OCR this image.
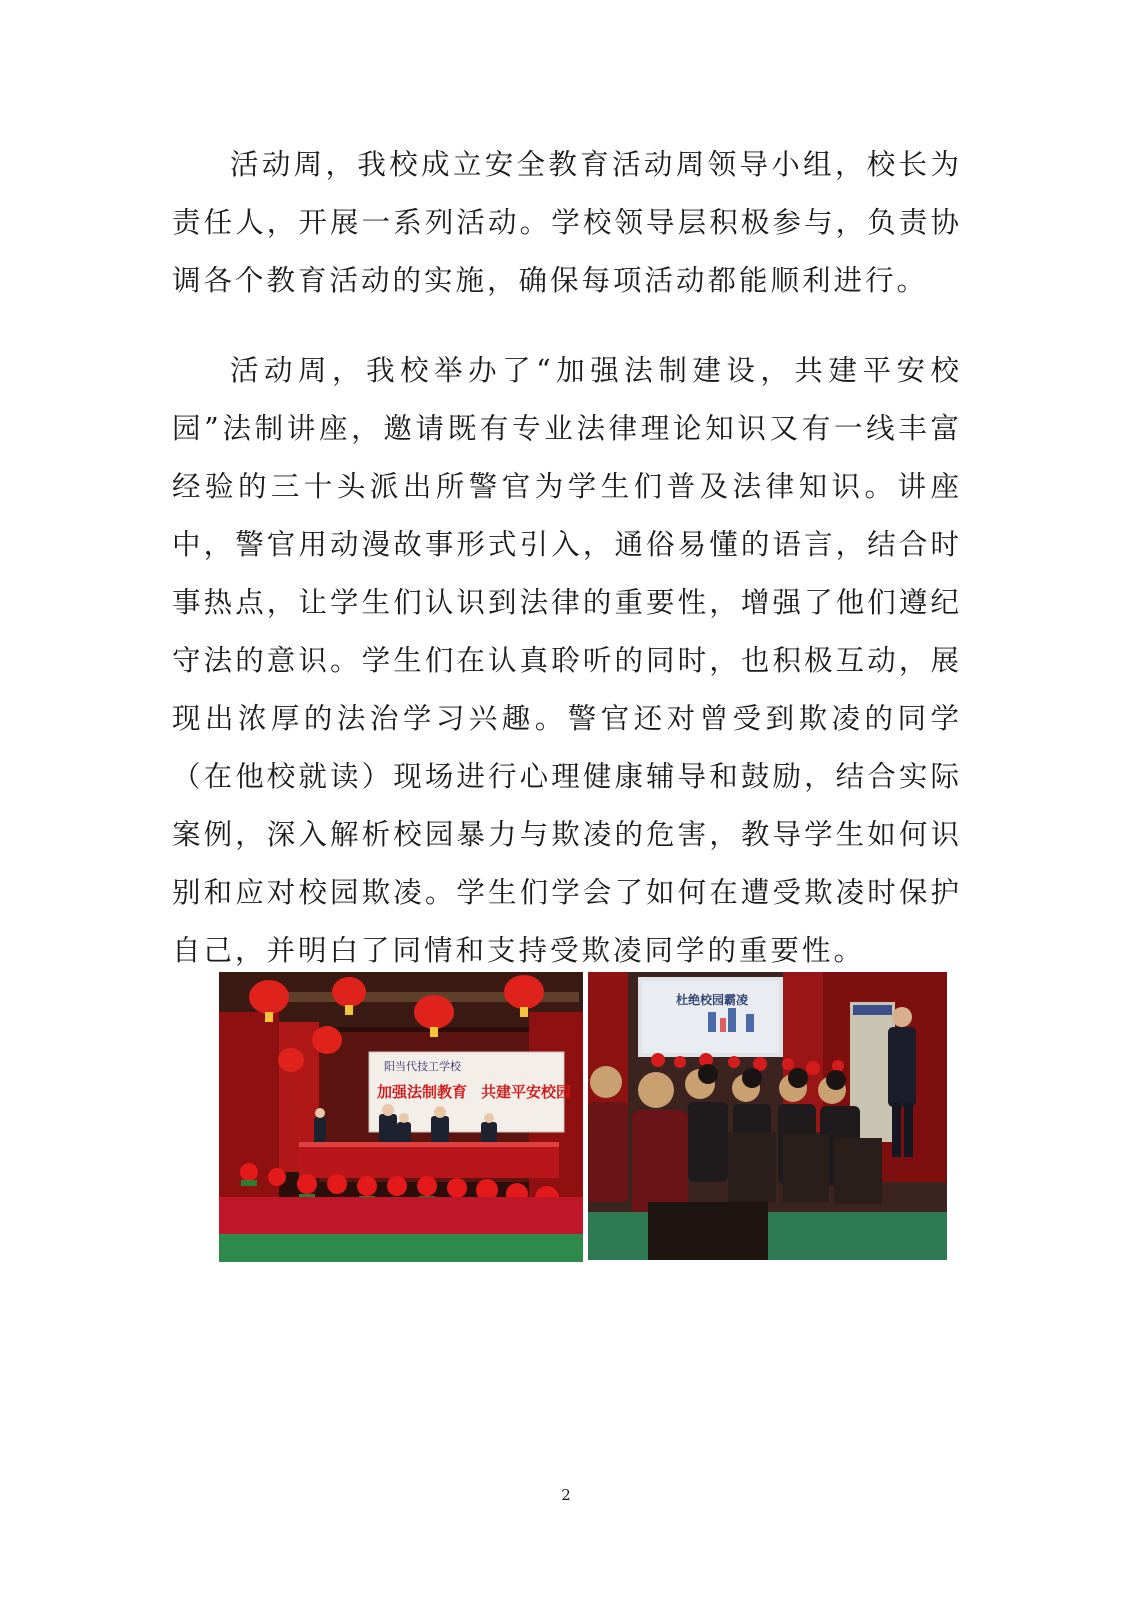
活动周，我校成立安全教育活动周领导小组，校长为责任人，开展一系列活动。学校领导层积极参与，负责协调各个教育活动的实施，确保每项活动都能顺利进行。

活动周，我校举办了“加强法制建设，共建平安校园”法制讲座，邀请既有专业法律理论知识又有一线丰富经验的三十头派出所警官为学生们普及法律知识。讲座中，警官用动漫故事形式引入，通俗易懂的语言，结合时事热点，让学生们认识到法律的重要性，增强了他们遵纪守法的意识。学生们在认真聆听的同时，也积极互动，展现出浓厚的法治学习兴趣。警官还对曾受到欺凌的同学（在他校就读）现场进行心理健康辅导和鼓励，结合实际案例，深入解析校园暴力与欺凌的危害，教导学生如何识别和应对校园欺凌。学生们学会了如何在遭受欺凌时保护自己，并明白了同情和支持受欺凌同学的重要性。

阳当代技工学校
加强法制教育 共建平安校园
杜绝校园霸凌
2
